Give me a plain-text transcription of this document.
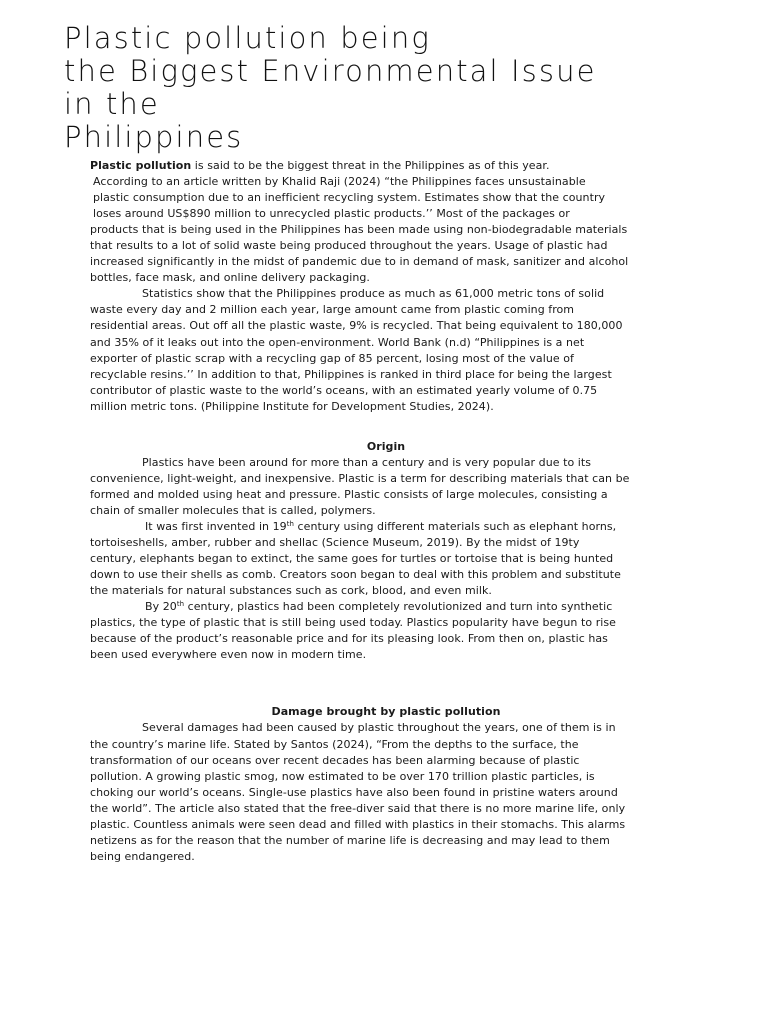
Plastic pollution being
the Biggest Environmental Issue
in the
Philippines

Plastic pollution is said to be the biggest threat in the Philippines as of this year.
According to an article written by Khalid Raji (2024) “the Philippines faces unsustainable
plastic consumption due to an inefficient recycling system. Estimates show that the country
loses around US$890 million to unrecycled plastic products.’’ Most of the packages or
products that is being used in the Philippines has been made using non-biodegradable materials
that results to a lot of solid waste being produced throughout the years. Usage of plastic had
increased significantly in the midst of pandemic due to in demand of mask, sanitizer and alcohol
bottles, face mask, and online delivery packaging.

Statistics show that the Philippines produce as much as 61,000 metric tons of solid
waste every day and 2 million each year, large amount came from plastic coming from
residential areas. Out off all the plastic waste, 9% is recycled. That being equivalent to 180,000
and 35% of it leaks out into the open-environment. World Bank (n.d) “Philippines is a net
exporter of plastic scrap with a recycling gap of 85 percent, losing most of the value of
recyclable resins.’’ In addition to that, Philippines is ranked in third place for being the largest
contributor of plastic waste to the world’s oceans, with an estimated yearly volume of 0.75
million metric tons. (Philippine Institute for Development Studies, 2024).

Origin

Plastics have been around for more than a century and is very popular due to its
convenience, light-weight, and inexpensive. Plastic is a term for describing materials that can be
formed and molded using heat and pressure. Plastic consists of large molecules, consisting a
chain of smaller molecules that is called, polymers.

It was first invented in 19th century using different materials such as elephant horns,
tortoiseshells, amber, rubber and shellac (Science Museum, 2019). By the midst of 19ty
century, elephants began to extinct, the same goes for turtles or tortoise that is being hunted
down to use their shells as comb. Creators soon began to deal with this problem and substitute
the materials for natural substances such as cork, blood, and even milk.

By 20th century, plastics had been completely revolutionized and turn into synthetic
plastics, the type of plastic that is still being used today. Plastics popularity have begun to rise
because of the product’s reasonable price and for its pleasing look. From then on, plastic has
been used everywhere even now in modern time.

Damage brought by plastic pollution

Several damages had been caused by plastic throughout the years, one of them is in
the country’s marine life. Stated by Santos (2024), “From the depths to the surface, the
transformation of our oceans over recent decades has been alarming because of plastic
pollution. A growing plastic smog, now estimated to be over 170 trillion plastic particles, is
choking our world’s oceans. Single-use plastics have also been found in pristine waters around
the world”. The article also stated that the free-diver said that there is no more marine life, only
plastic. Countless animals were seen dead and filled with plastics in their stomachs. This alarms
netizens as for the reason that the number of marine life is decreasing and may lead to them
being endangered.
